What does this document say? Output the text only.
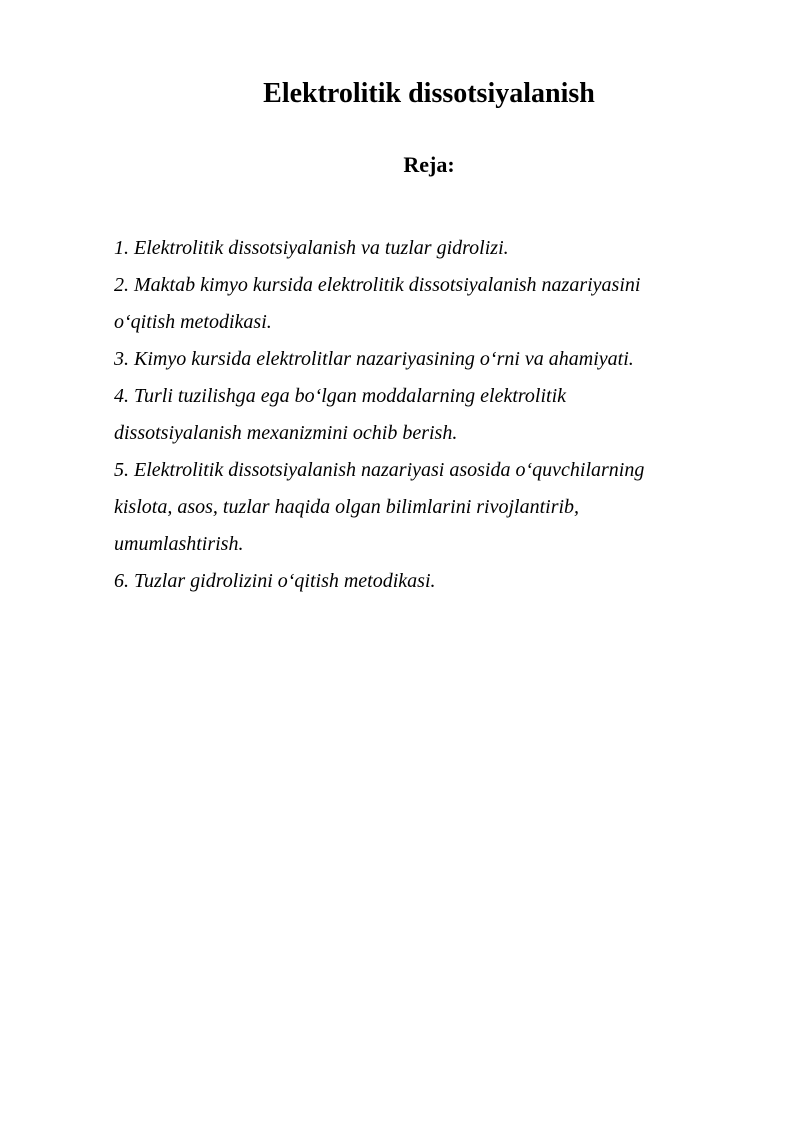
Elektrolitik dissotsiyalanish
Reja:
1. Elektrolitik dissotsiyalanish va tuzlar gidrolizi.
2. Maktab kimyo kursida elektrolitik dissotsiyalanish nazariyasini
o‘qitish metodikasi.
3. Kimyo kursida elektrolitlar nazariyasining o‘rni va ahamiyati.
4. Turli tuzilishga ega bo‘lgan moddalarning elektrolitik
dissotsiyalanish mexanizmini ochib berish.
5. Elektrolitik dissotsiyalanish nazariyasi asosida o‘quvchilarning
kislota, asos, tuzlar haqida olgan bilimlarini rivojlantirib,
umumlashtirish.
6. Tuzlar gidrolizini o‘qitish metodikasi.
